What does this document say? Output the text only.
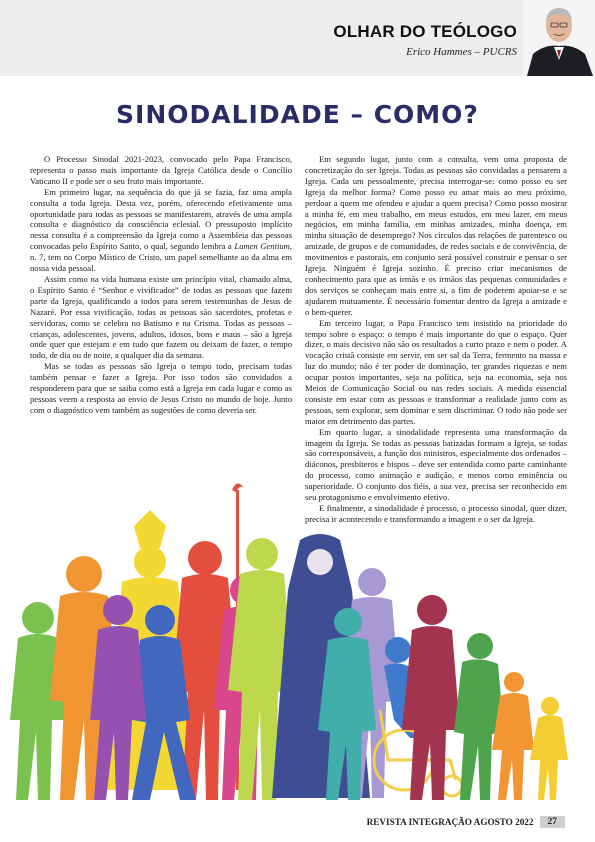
OLHAR DO TEÓLOGO
Erico Hammes – PUCRS
SINODALIDADE – COMO?

O Processo Sinodal 2021-2023, convocado pelo Papa Francisco, representa o passo mais importante da Igreja Católica desde o Concílio Vaticano II e pode ser o seu fruto mais importante.

Em primeiro lugar, na sequência do que já se fazia, faz uma ampla consulta a toda Igreja. Desta vez, porém, oferecendo efetivamente uma oportunidade para todas as pessoas se manifestarem, através de uma ampla consulta e diagnóstico da consciência eclesial. O pressuposto implícito nessa consulta é a compreensão da Igreja como a Assembleia das pessoas convocadas pelo Espírito Santo, o qual, segundo lembra a Lumen Gentium, n. 7, tem no Corpo Místico de Cristo, um papel semelhante ao da alma em nossa vida pessoal.

Assim como na vida humana existe um princípio vital, chamado alma, o Espírito Santo é “Senhor e vivificador” de todas as pessoas que fazem parte da Igreja, qualificando a todos para serem testemunhas de Jesus de Nazaré. Por essa vivificação, todas as pessoas são sacerdotes, profetas e servidoras, como se celebra no Batismo e na Crisma. Todas as pessoas – crianças, adolescentes, jovens, adultos, idosos, bons e maus – são a Igreja onde quer que estejam e em tudo que fazem ou deixam de fazer, o tempo todo, de dia ou de noite, a qualquer dia da semana.

Mas se todas as pessoas são Igreja o tempo todo, precisam todas também pensar e fazer a Igreja. Por isso todos são convidados a responderem para que se saiba como está a Igreja em cada lugar e como as pessoas veem a resposta ao envio de Jesus Cristo no mundo de hoje. Junto com o diagnóstico vem também as sugestões de como deveria ser.

Em segundo lugar, junto com a consulta, vem uma proposta de concretização do ser Igreja. Todas as pessoas são convidadas a pensarem a Igreja. Cada um pessoalmente, precisa interrogar-se: como posso eu ser Igreja da melhor forma? Como posso eu amar mais ao meu próximo, perdoar a quem me ofendeu e ajudar a quem precisa? Como posso mostrar a minha fé, em meu trabalho, em meus estudos, em meu lazer, em meus negócios, em minha família, em minhas amizades, minha doença, em minha situação de desemprego? Nos círculos das relações de parentesco ou amizade, de grupos e de comunidades, de redes sociais e de convivência, de movimentos e pastorais, em conjunto será possível construir e pensar o ser Igreja. Ninguém é Igreja sozinho. É preciso criar mecanismos de conhecimento para que as irmãs e os irmãos das pequenas comunidades e dos serviços se conheçam mais entre si, a fim de poderem apoiar-se e se ajudarem mutuamente. É necessário fomentar dentro da Igreja a amizade e o bem-querer.

Em terceiro lugar, o Papa Francisco tem insistido na prioridade do tempo sobre o espaço: o tempo é mais importante do que o espaço. Quer dizer, o mais decisivo não são os resultados a curto prazo e nem o poder. A vocação cristã consiste em servir, em ser sal da Terra, fermento na massa e luz do mundo; não é ter poder de dominação, ter grandes riquezas e nem ocupar postos importantes, seja na política, seja na economia, seja nos Meios de Comunicação Social ou nas redes sociais. A medida essencial consiste em estar com as pessoas e transformar a realidade junto com as pessoas, sem explorar, sem dominar e sem discriminar. O todo não pode ser maior em detrimento das partes.

Em quarto lugar, a sinodalidade representa uma transformação da imagem da Igreja. Se todas as pessoas batizadas formam a Igreja, se todas são corresponsáveis, a função dos ministros, especialmente dos ordenados – diáconos, presbíteros e bispos – deve ser entendida como parte caminhante do processo, como animação e audição, e menos como eminência ou superioridade. O conjunto dos fiéis, a sua vez, precisa ser reconhecido em seu protagonismo e envolvimento efetivo.

E finalmente, a sinodalidade é processo, o processo sinodal, quer dizer, precisa ir acontecendo e transformando a imagem e o ser da Igreja.

REVISTA INTEGRAÇÃO AGOSTO 2022	27
